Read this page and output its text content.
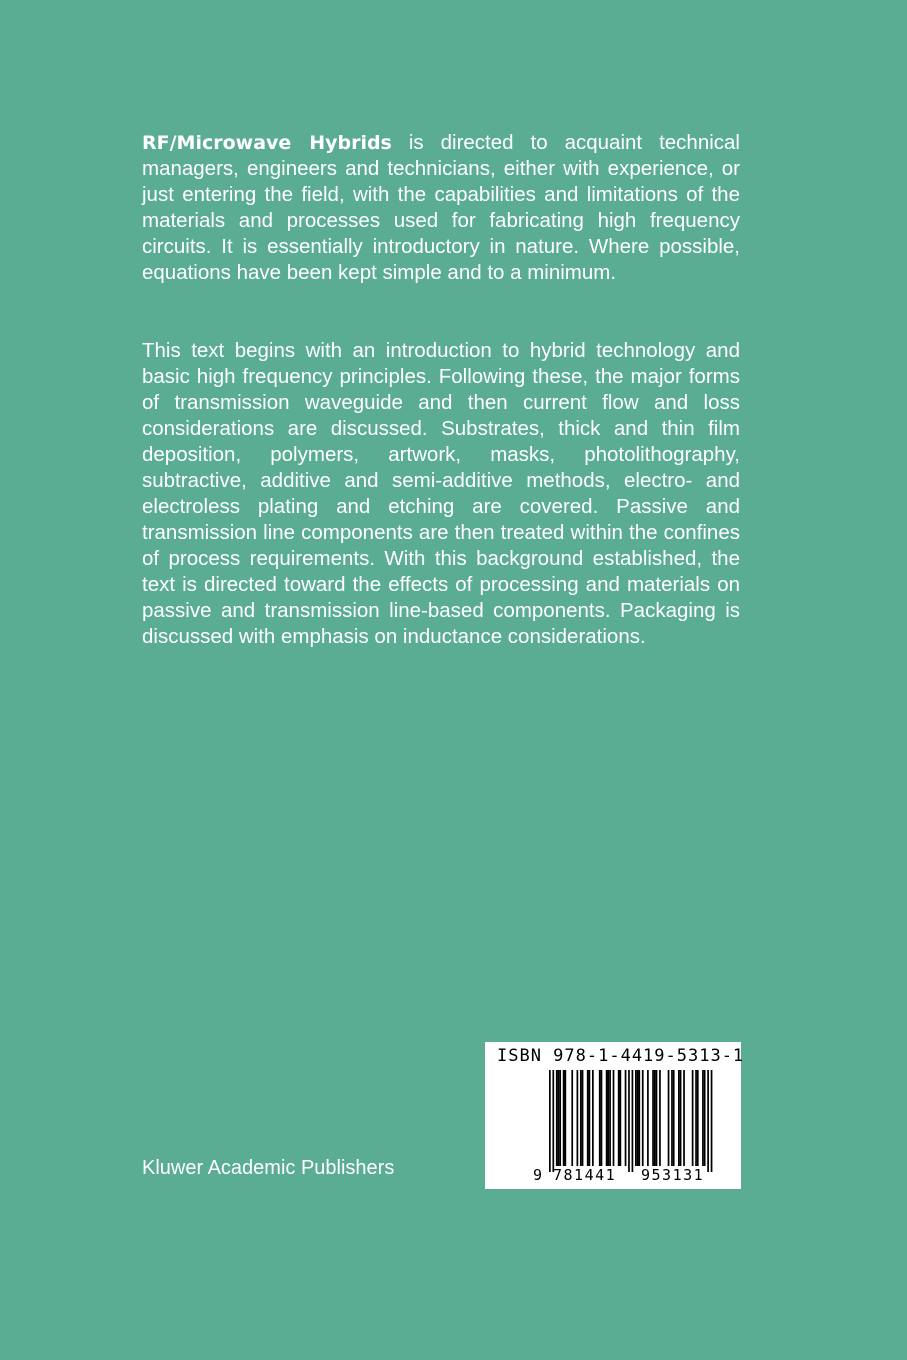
RF/Microwave Hybrids is directed to acquaint technical managers, engineers and technicians, either with experience, or just entering the field, with the capabilities and limitations of the materials and processes used for fabricating high frequency circuits. It is essentially introductory in nature. Where possible, equations have been kept simple and to a minimum.

This text begins with an introduction to hybrid technology and basic high frequency principles. Following these, the major forms of transmission waveguide and then current flow and loss considerations are discussed. Substrates, thick and thin film deposition, polymers, artwork, masks, photolithography, subtractive, additive and semi-additive methods, electro- and electroless plating and etching are covered. Passive and transmission line components are then treated within the confines of process requirements. With this background established, the text is directed toward the effects of processing and materials on passive and transmission line-based components. Packaging is discussed with emphasis on inductance considerations.

Kluwer Academic Publishers
ISBN 978-1-4419-5313-1
9 781441 953131
